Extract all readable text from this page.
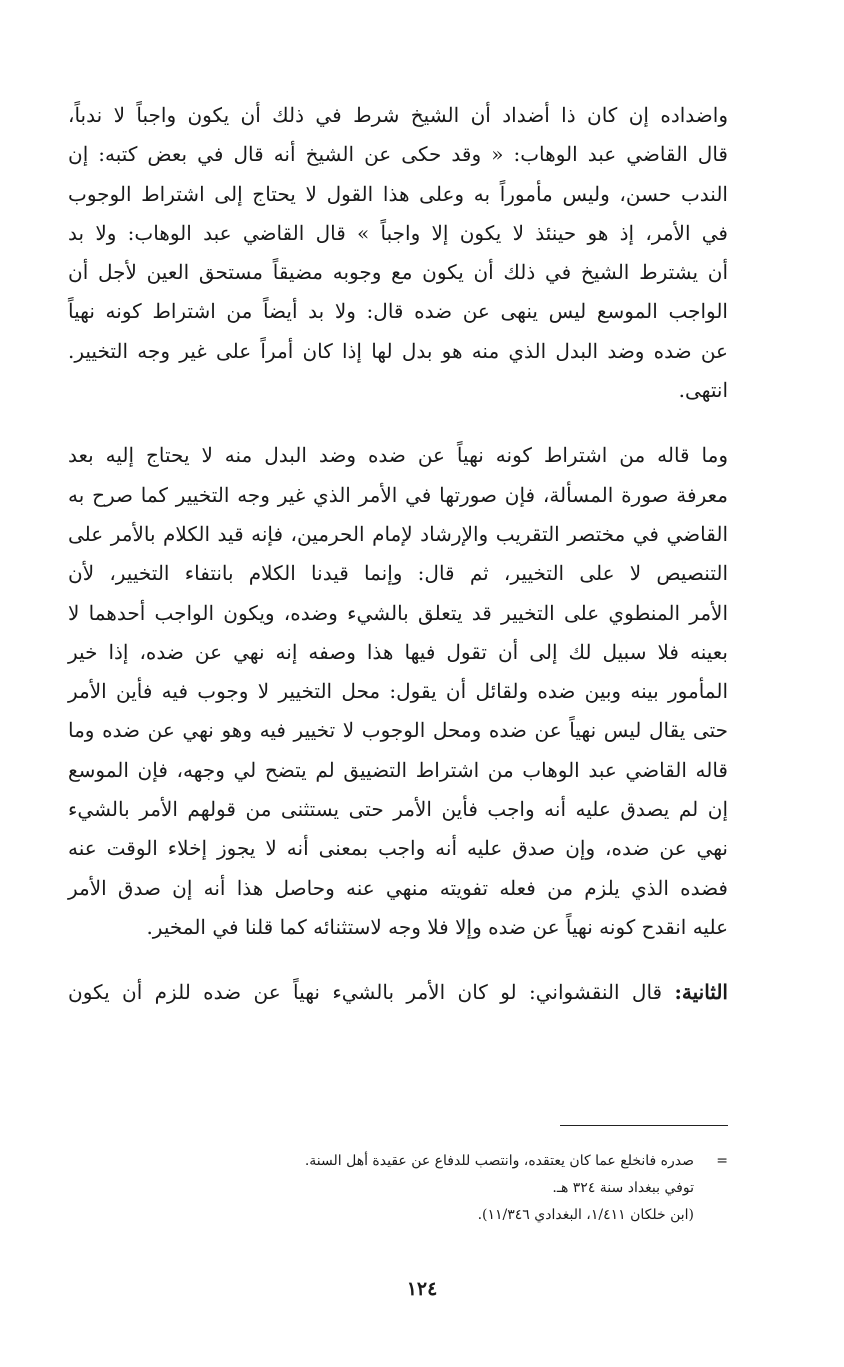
واضداده إن كان ذا أضداد أن الشيخ شرط في ذلك أن يكون واجباً لا ندباً،
قال القاضي عبد الوهاب: « وقد حكى عن الشيخ أنه قال في بعض كتبه: إن
الندب حسن، وليس مأموراً به وعلى هذا القول لا يحتاج إلى اشتراط الوجوب
في الأمر، إذ هو حينئذ لا يكون إلا واجباً » قال القاضي عبد الوهاب: ولا بد
أن يشترط الشيخ في ذلك أن يكون مع وجوبه مضيقاً مستحق العين لأجل أن
الواجب الموسع ليس ينهى عن ضده قال: ولا بد أيضاً من اشتراط كونه نهياً
عن ضده وضد البدل الذي منه هو بدل لها إذا كان أمراً على غير وجه التخيير.
انتهى.
وما قاله من اشتراط كونه نهياً عن ضده وضد البدل منه لا يحتاج إليه بعد
معرفة صورة المسألة، فإن صورتها في الأمر الذي غير وجه التخيير كما صرح به
القاضي في مختصر التقريب والإرشاد لإمام الحرمين، فإنه قيد الكلام بالأمر على
التنصيص لا على التخيير، ثم قال: وإنما قيدنا الكلام بانتفاء التخيير، لأن
الأمر المنطوي على التخيير قد يتعلق بالشيء وضده، ويكون الواجب أحدهما لا
بعينه فلا سبيل لك إلى أن تقول فيها هذا وصفه إنه نهي عن ضده، إذا خير
المأمور بينه وبين ضده ولقائل أن يقول: محل التخيير لا وجوب فيه فأين الأمر
حتى يقال ليس نهياً عن ضده ومحل الوجوب لا تخيير فيه وهو نهي عن ضده وما
قاله القاضي عبد الوهاب من اشتراط التضييق لم يتضح لي وجهه، فإن الموسع
إن لم يصدق عليه أنه واجب فأين الأمر حتى يستثنى من قولهم الأمر بالشيء
نهي عن ضده، وإن صدق عليه أنه واجب بمعنى أنه لا يجوز إخلاء الوقت عنه
فضده الذي يلزم من فعله تفويته منهي عنه وحاصل هذا أنه إن صدق الأمر
عليه انقدح كونه نهياً عن ضده وإلا فلا وجه لاستثنائه كما قلنا في المخير.
الثانية: قال النقشواني: لو كان الأمر بالشيء نهياً عن ضده للزم أن يكون
=صدره فانخلع عما كان يعتقده، وانتصب للدفاع عن عقيدة أهل السنة.
توفي ببغداد سنة ٣٢٤ هـ.
(ابن خلكان ١/٤١١، البغدادي ١١/٣٤٦).
١٢٤
